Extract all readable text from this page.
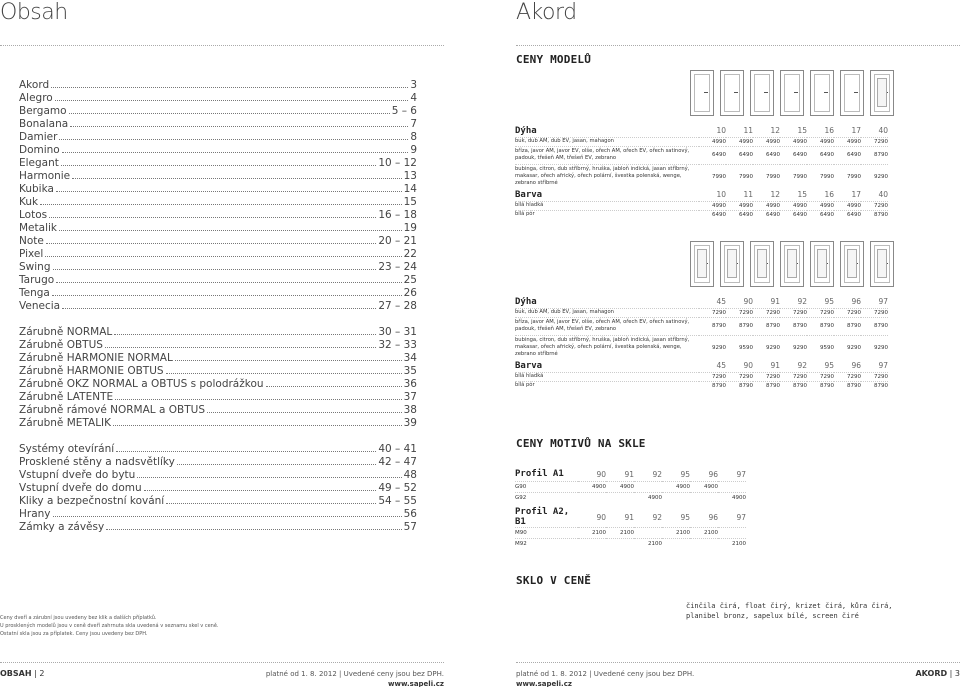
Obsah
Akord	3
Alegro	4
Bergamo	5 – 6
Bonalana	7
Damier	8
Domino	9
Elegant	10 – 12
Harmonie	13
Kubika	14
Kuk	15
Lotos	16 – 18
Metalik	19
Note	20 – 21
Pixel	22
Swing	23 – 24
Tarugo	25
Tenga	26
Venecia	27 – 28
Zárubně NORMAL	30 – 31
Zárubně OBTUS	32 – 33
Zárubně HARMONIE NORMAL	34
Zárubně HARMONIE OBTUS	35
Zárubně OKZ NORMAL a OBTUS s polodrážkou	36
Zárubně LATENTE	37
Zárubně rámové NORMAL a OBTUS	38
Zárubně METALIK	39
Systémy otevírání	40 – 41
Prosklené stěny a nadsvětlíky	42 – 47
Vstupní dveře do bytu	48
Vstupní dveře do domu	49 – 52
Kliky a bezpečnostní kování	54 – 55
Hrany	56
Zámky a závěsy	57
Ceny dveří a zárubní jsou uvedeny bez klik a dalších příplatků.
U prosklených modelů jsou v ceně dveří zahrnuta skla uvedená v seznamu skel v ceně.
Ostatní skla jsou za příplatek. Ceny jsou uvedeny bez DPH.
OBSAH | 2	platné od 1. 8. 2012 | Uvedené ceny jsou bez DPH.
www.sapeli.cz
Akord
CENY MODELŮ
Dýha	10	11	12	15	16	17	40
buk, dub AM, dub EV, jasan, mahagon	4990	4990	4990	4990	4990	4990	7290
bříza, javor AM, javor EV, olše, ořech AM, ořech EV, ořech satinový, padouk, třešeň AM, třešeň EV, zebrano	6490	6490	6490	6490	6490	6490	8790
bubinga, citron, dub stříbrný, hruška, jabloň indická, jasan stříbrný, makasar, ořech africký, ořech polární, švestka polenská, wenge, zebrano stříbrné	7990	7990	7990	7990	7990	7990	9290
Barva	10	11	12	15	16	17	40
bílá hladká	4990	4990	4990	4990	4990	4990	7290
bílá pór	6490	6490	6490	6490	6490	6490	8790
Dýha	45	90	91	92	95	96	97
buk, dub AM, dub EV, jasan, mahagon	7290	7290	7290	7290	7290	7290	7290
bříza, javor AM, javor EV, olše, ořech AM, ořech EV, ořech satinový, padouk, třešeň AM, třešeň EV, zebrano	8790	8790	8790	8790	8790	8790	8790
bubinga, citron, dub stříbrný, hruška, jabloň indická, jasan stříbrný, makasar, ořech africký, ořech polární, švestka polenská, wenge, zebrano stříbrné	9290	9590	9290	9290	9590	9290	9290
Barva	45	90	91	92	95	96	97
bílá hladká	7290	7290	7290	7290	7290	7290	7290
bílá pór	8790	8790	8790	8790	8790	8790	8790
CENY MOTIVŮ NA SKLE
Profil A1	90	91	92	95	96	97
G90	4900	4900		4900	4900	
G92			4900			4900
Profil A2, B1	90	91	92	95	96	97
M90	2100	2100		2100	2100	
M92			2100			2100
SKLO V CENĚ
činčila čirá, float čirý, krizet čirá, kůra čirá, planibel bronz, sapelux bílé, screen čiré
platné od 1. 8. 2012 | Uvedené ceny jsou bez DPH.
www.sapeli.cz
AKORD | 3
